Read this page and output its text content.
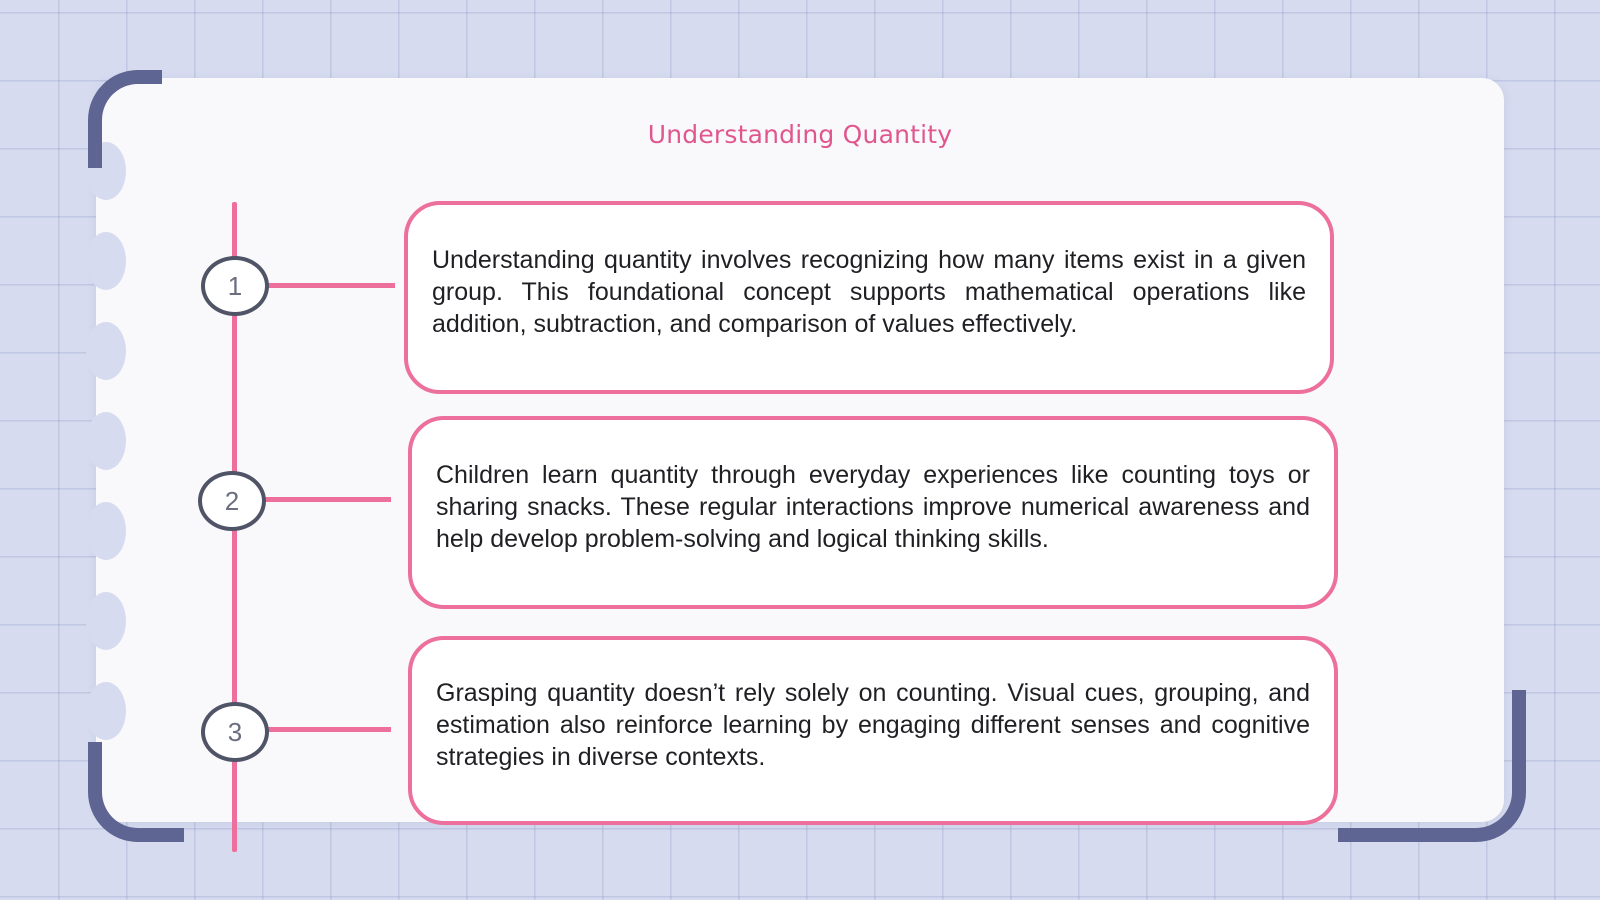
Understanding Quantity
1
2
3
Understanding quantity involves recognizing how many items exist in a given group. This foundational concept supports mathematical operations like addition, subtraction, and comparison of values effectively.
Children learn quantity through everyday experiences like counting toys or sharing snacks. These regular interactions improve numerical awareness and help develop problem-solving and logical thinking skills.
Grasping quantity doesn’t rely solely on counting. Visual cues, grouping, and estimation also reinforce learning by engaging different senses and cognitive strategies in diverse contexts.
